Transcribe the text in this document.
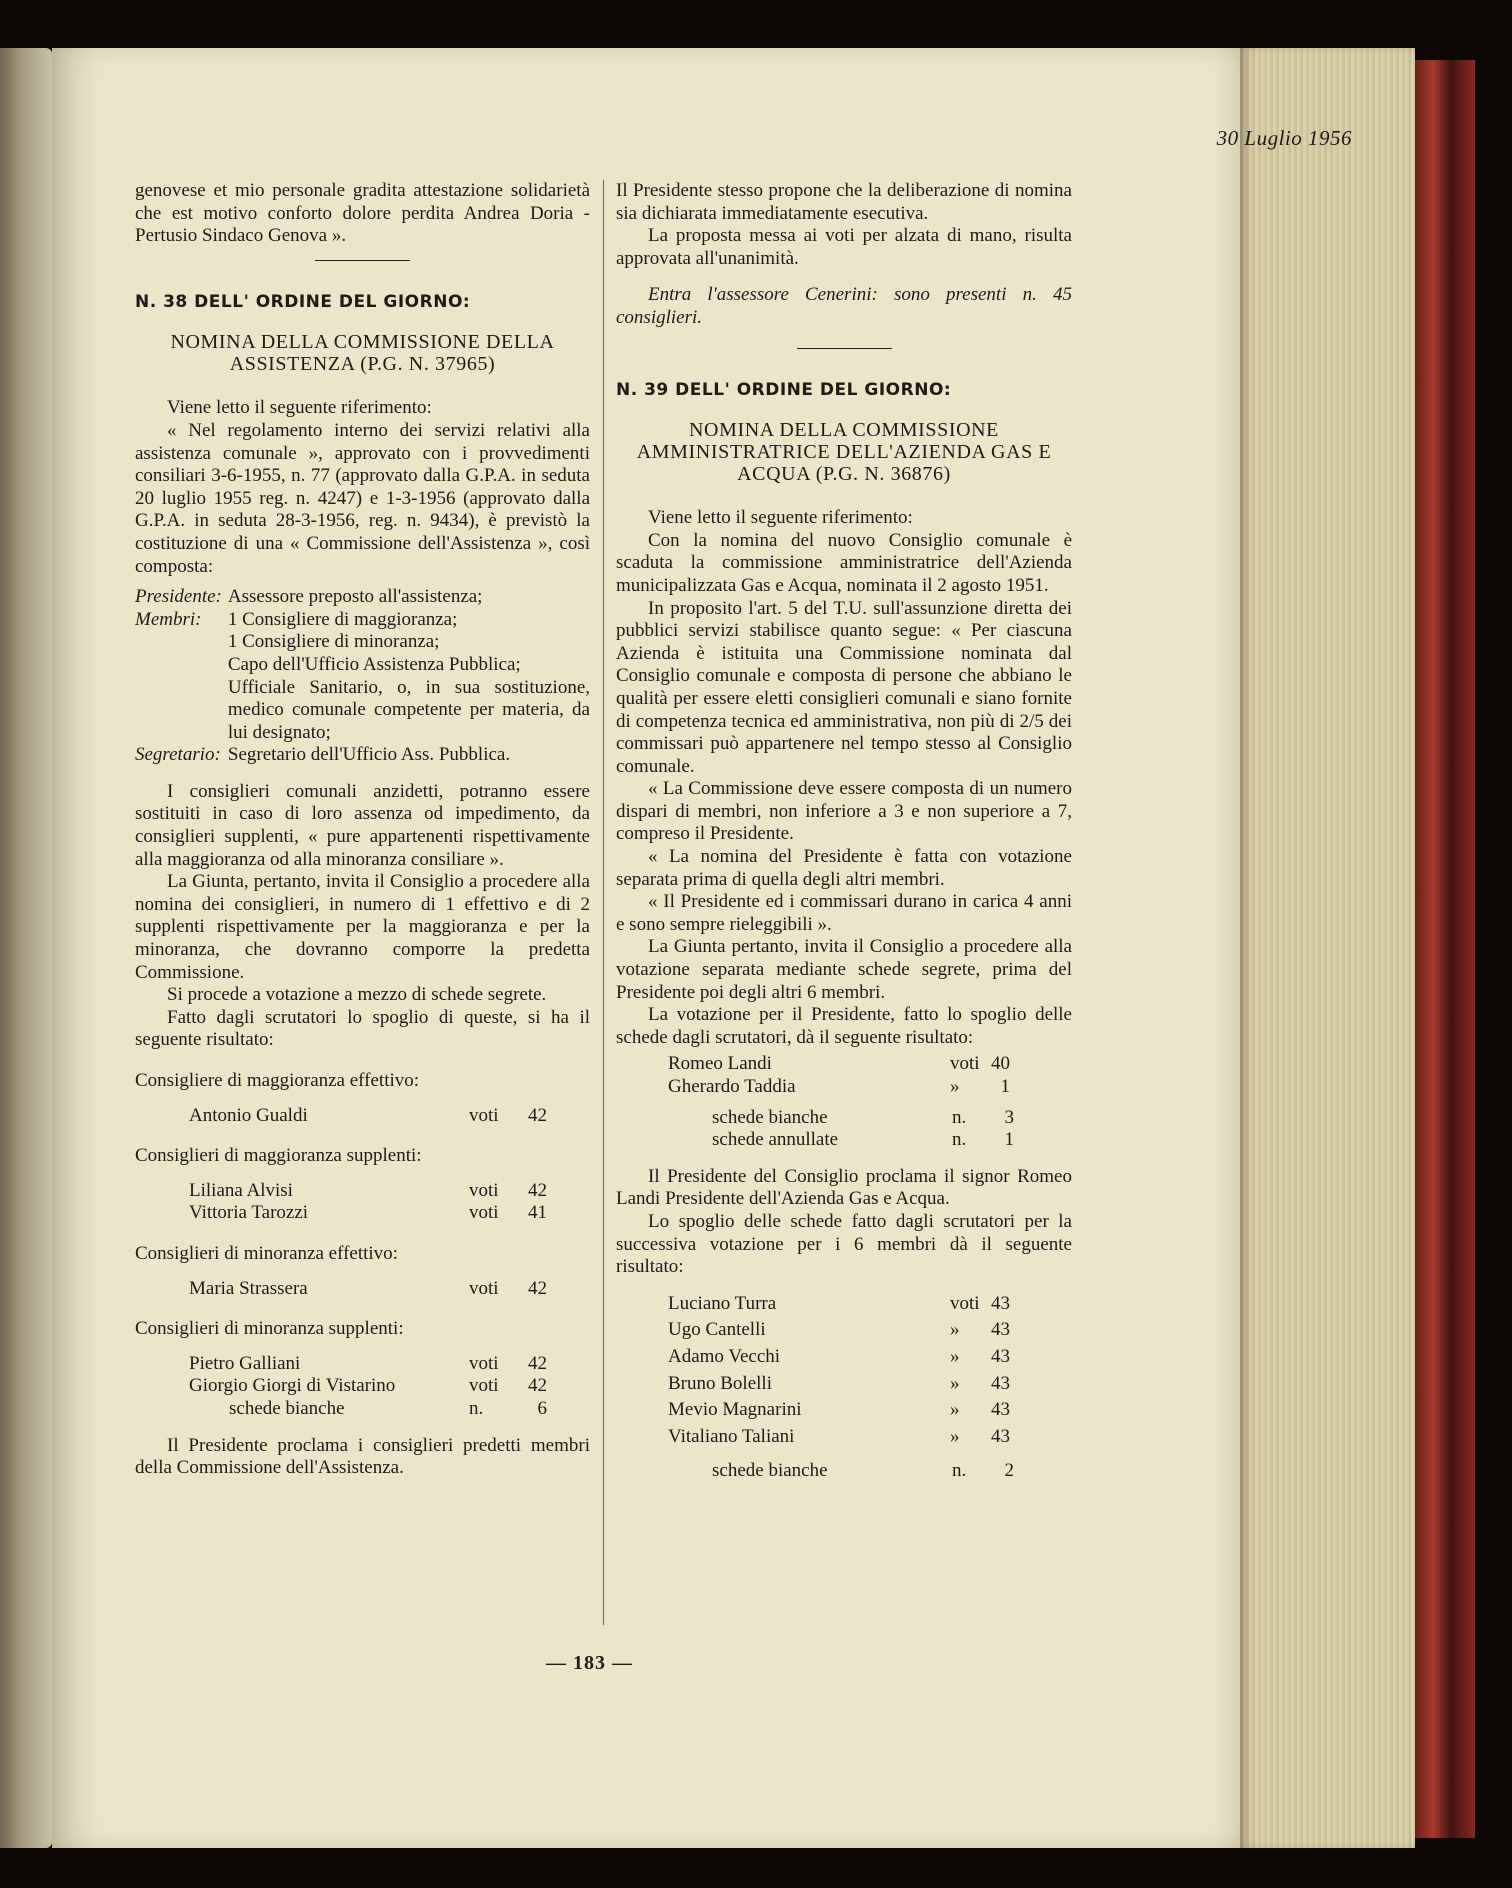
30 Luglio 1956

genovese et mio personale gradita attestazione solidarietà che est motivo conforto dolore perdita Andrea Doria - Pertusio Sindaco Genova ».

N. 38 DELL' ORDINE DEL GIORNO:
NOMINA DELLA COMMISSIONE DELLA ASSISTENZA (P.G. N. 37965)

Viene letto il seguente riferimento:

« Nel regolamento interno dei servizi relativi alla assistenza comunale », approvato con i provvedimenti consiliari 3-6-1955, n. 77 (approvato dalla G.P.A. in seduta 20 luglio 1955 reg. n. 4247) e 1-3-1956 (approvato dalla G.P.A. in seduta 28-3-1956, reg. n. 9434), è previstò la costituzione di una « Commissione dell'Assistenza », così composta:

Presidente: Assessore preposto all'assistenza;
Membri:	1 Consigliere di maggioranza;
1 Consigliere di minoranza;
Capo dell'Ufficio Assistenza Pubblica;
Ufficiale Sanitario, o, in sua sostituzione, medico comunale competente per materia, da lui designato;
Segretario: Segretario dell'Ufficio Ass. Pubblica.

I consiglieri comunali anzidetti, potranno essere sostituiti in caso di loro assenza od impedimento, da consiglieri supplenti, « pure appartenenti rispettivamente alla maggioranza od alla minoranza consiliare ».

La Giunta, pertanto, invita il Consiglio a procedere alla nomina dei consiglieri, in numero di 1 effettivo e di 2 supplenti rispettivamente per la maggioranza e per la minoranza, che dovranno comporre la predetta Commissione.

Si procede a votazione a mezzo di schede segrete.

Fatto dagli scrutatori lo spoglio di queste, si ha il seguente risultato:

Consigliere di maggioranza effettivo:

Antonio Gualdi	voti	42

Consiglieri di maggioranza supplenti:

Liliana Alvisi	voti	42
Vittoria Tarozzi	voti	41

Consiglieri di minoranza effettivo:

Maria Strassera	voti	42

Consiglieri di minoranza supplenti:

Pietro Galliani	voti	42
Giorgio Giorgi di Vistarino	voti	42
schede bianche	n.	6

Il Presidente proclama i consiglieri predetti membri della Commissione dell'Assistenza.

Il Presidente stesso propone che la deliberazione di nomina sia dichiarata immediatamente esecutiva.

La proposta messa ai voti per alzata di mano, risulta approvata all'unanimità.

Entra l'assessore Cenerini: sono presenti n. 45 consiglieri.

N. 39 DELL' ORDINE DEL GIORNO:
NOMINA DELLA COMMISSIONE AMMINISTRATRICE DELL'AZIENDA GAS E ACQUA (P.G. N. 36876)

Viene letto il seguente riferimento:

Con la nomina del nuovo Consiglio comunale è scaduta la commissione amministratrice dell'Azienda municipalizzata Gas e Acqua, nominata il 2 agosto 1951.

In proposito l'art. 5 del T.U. sull'assunzione diretta dei pubblici servizi stabilisce quanto segue: « Per ciascuna Azienda è istituita una Commissione nominata dal Consiglio comunale e composta di persone che abbiano le qualità per essere eletti consiglieri comunali e siano fornite di competenza tecnica ed amministrativa, non più di 2/5 dei commissari può appartenere nel tempo stesso al Consiglio comunale.

« La Commissione deve essere composta di un numero dispari di membri, non inferiore a 3 e non superiore a 7, compreso il Presidente.

« La nomina del Presidente è fatta con votazione separata prima di quella degli altri membri.

« Il Presidente ed i commissari durano in carica 4 anni e sono sempre rieleggibili ».

La Giunta pertanto, invita il Consiglio a procedere alla votazione separata mediante schede segrete, prima del Presidente poi degli altri 6 membri.

La votazione per il Presidente, fatto lo spoglio delle schede dagli scrutatori, dà il seguente risultato:

Romeo Landi	voti 40
Gherardo Taddia	»	1
schede bianche	n.	3
schede annullate	n.	1

Il Presidente del Consiglio proclama il signor Romeo Landi Presidente dell'Azienda Gas e Acqua.

Lo spoglio delle schede fatto dagli scrutatori per la successiva votazione per i 6 membri dà il seguente risultato:

Luciano Turra	voti 43
Ugo Cantelli	»	43
Adamo Vecchi	»	43
Bruno Bolelli	»	43
Mevio Magnarini	»	43
Vitaliano Taliani	»	43
schede bianche	n.	2
— 183 —
